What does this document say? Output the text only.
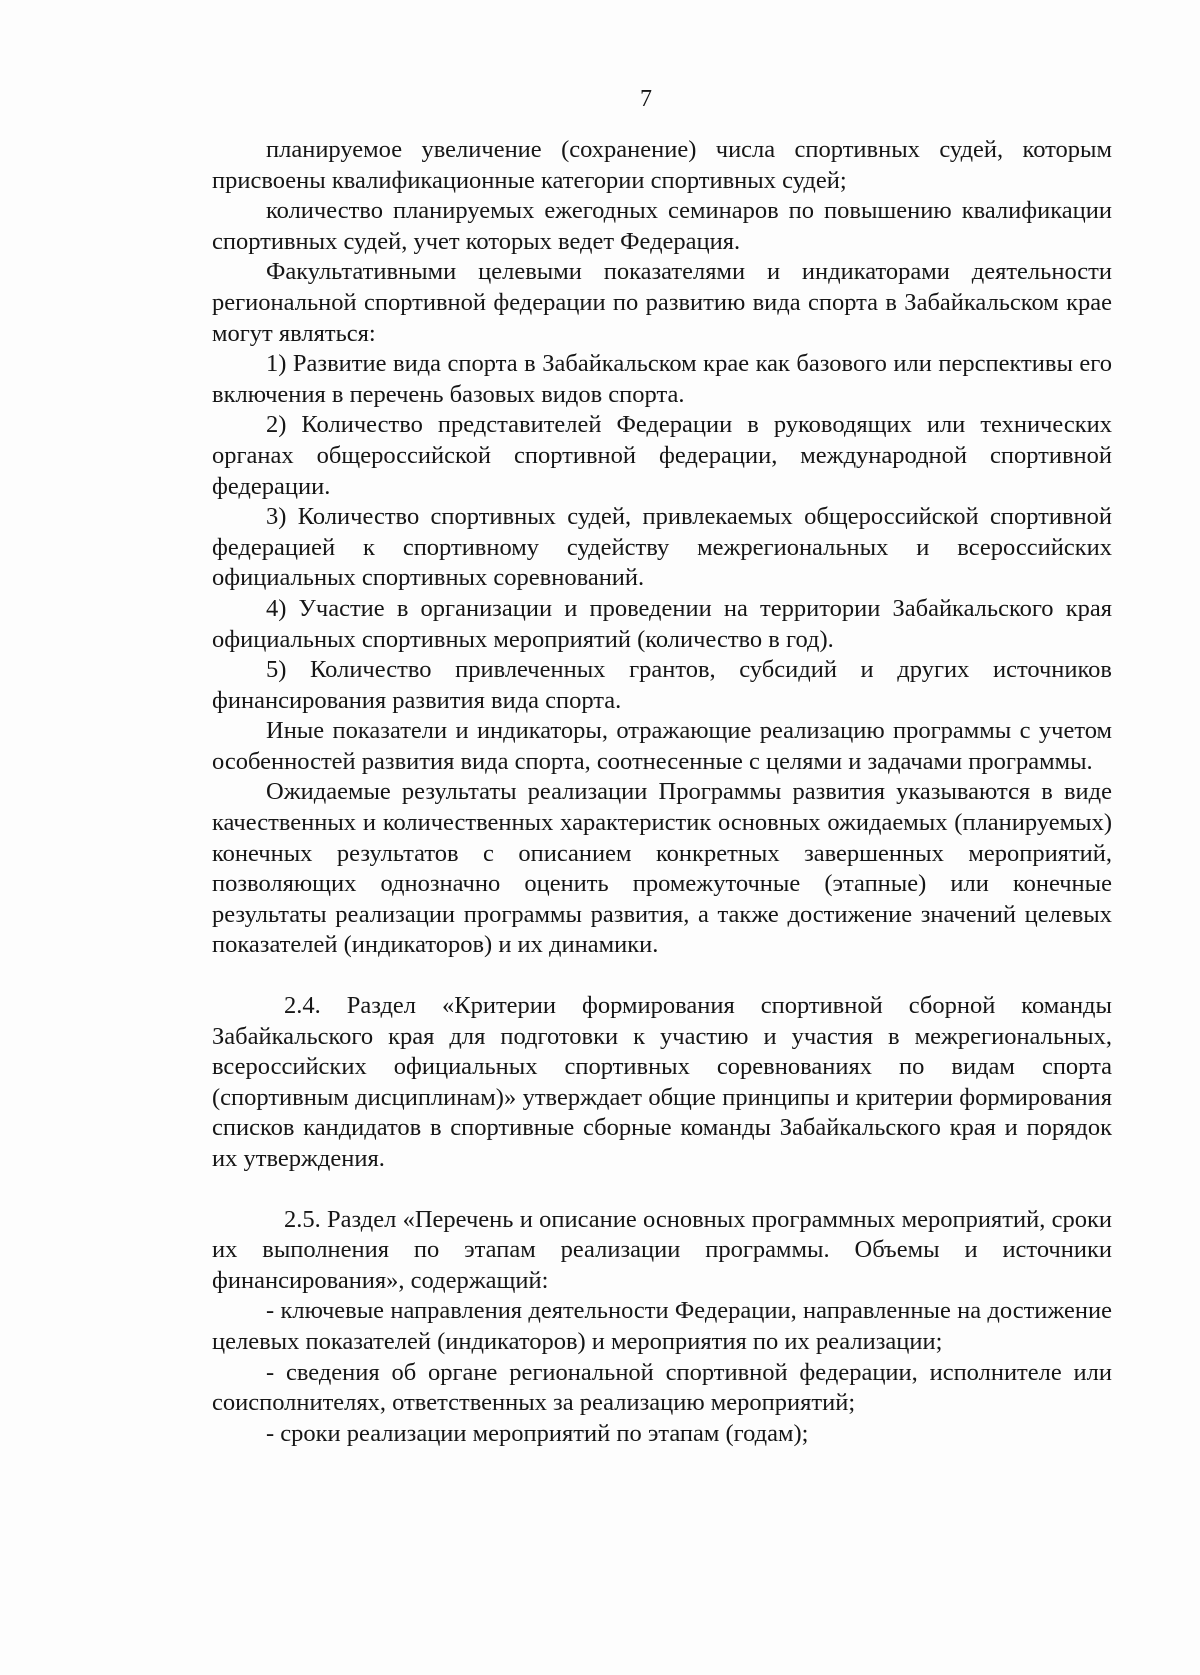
7

планируемое увеличение (сохранение) числа спортивных судей, которым присвоены квалификационные категории спортивных судей;

количество планируемых ежегодных семинаров по повышению квалификации спортивных судей, учет которых ведет Федерация.

Факультативными целевыми показателями и индикаторами деятельности региональной спортивной федерации по развитию вида спорта в Забайкальском крае могут являться:

1) Развитие вида спорта в Забайкальском крае как базового или перспективы его включения в перечень базовых видов спорта.

2) Количество представителей Федерации в руководящих или технических органах общероссийской спортивной федерации, международной спортивной федерации.

3) Количество спортивных судей, привлекаемых общероссийской спортивной федерацией к спортивному судейству межрегиональных и всероссийских официальных спортивных соревнований.

4) Участие в организации и проведении на территории Забайкальского края официальных спортивных мероприятий (количество в год).

5) Количество привлеченных грантов, субсидий и других источников финансирования развития вида спорта.

Иные показатели и индикаторы, отражающие реализацию программы с учетом особенностей развития вида спорта, соотнесенные с целями и задачами программы.

Ожидаемые результаты реализации Программы развития указываются в виде качественных и количественных характеристик основных ожидаемых (планируемых) конечных результатов с описанием конкретных завершенных мероприятий, позволяющих однозначно оценить промежуточные (этапные) или конечные результаты реализации программы развития, а также достижение значений целевых показателей (индикаторов) и их динамики.

2.4. Раздел «Критерии формирования спортивной сборной команды Забайкальского края для подготовки к участию и участия в межрегиональных, всероссийских официальных спортивных соревнованиях по видам спорта (спортивным дисциплинам)» утверждает общие принципы и критерии формирования списков кандидатов в спортивные сборные команды Забайкальского края и порядок их утверждения.

2.5. Раздел «Перечень и описание основных программных мероприятий, сроки их выполнения по этапам реализации программы. Объемы и источники финансирования», содержащий:

- ключевые направления деятельности Федерации, направленные на достижение целевых показателей (индикаторов) и мероприятия по их реализации;

- сведения об органе региональной спортивной федерации, исполнителе или соисполнителях, ответственных за реализацию мероприятий;

- сроки реализации мероприятий по этапам (годам);
